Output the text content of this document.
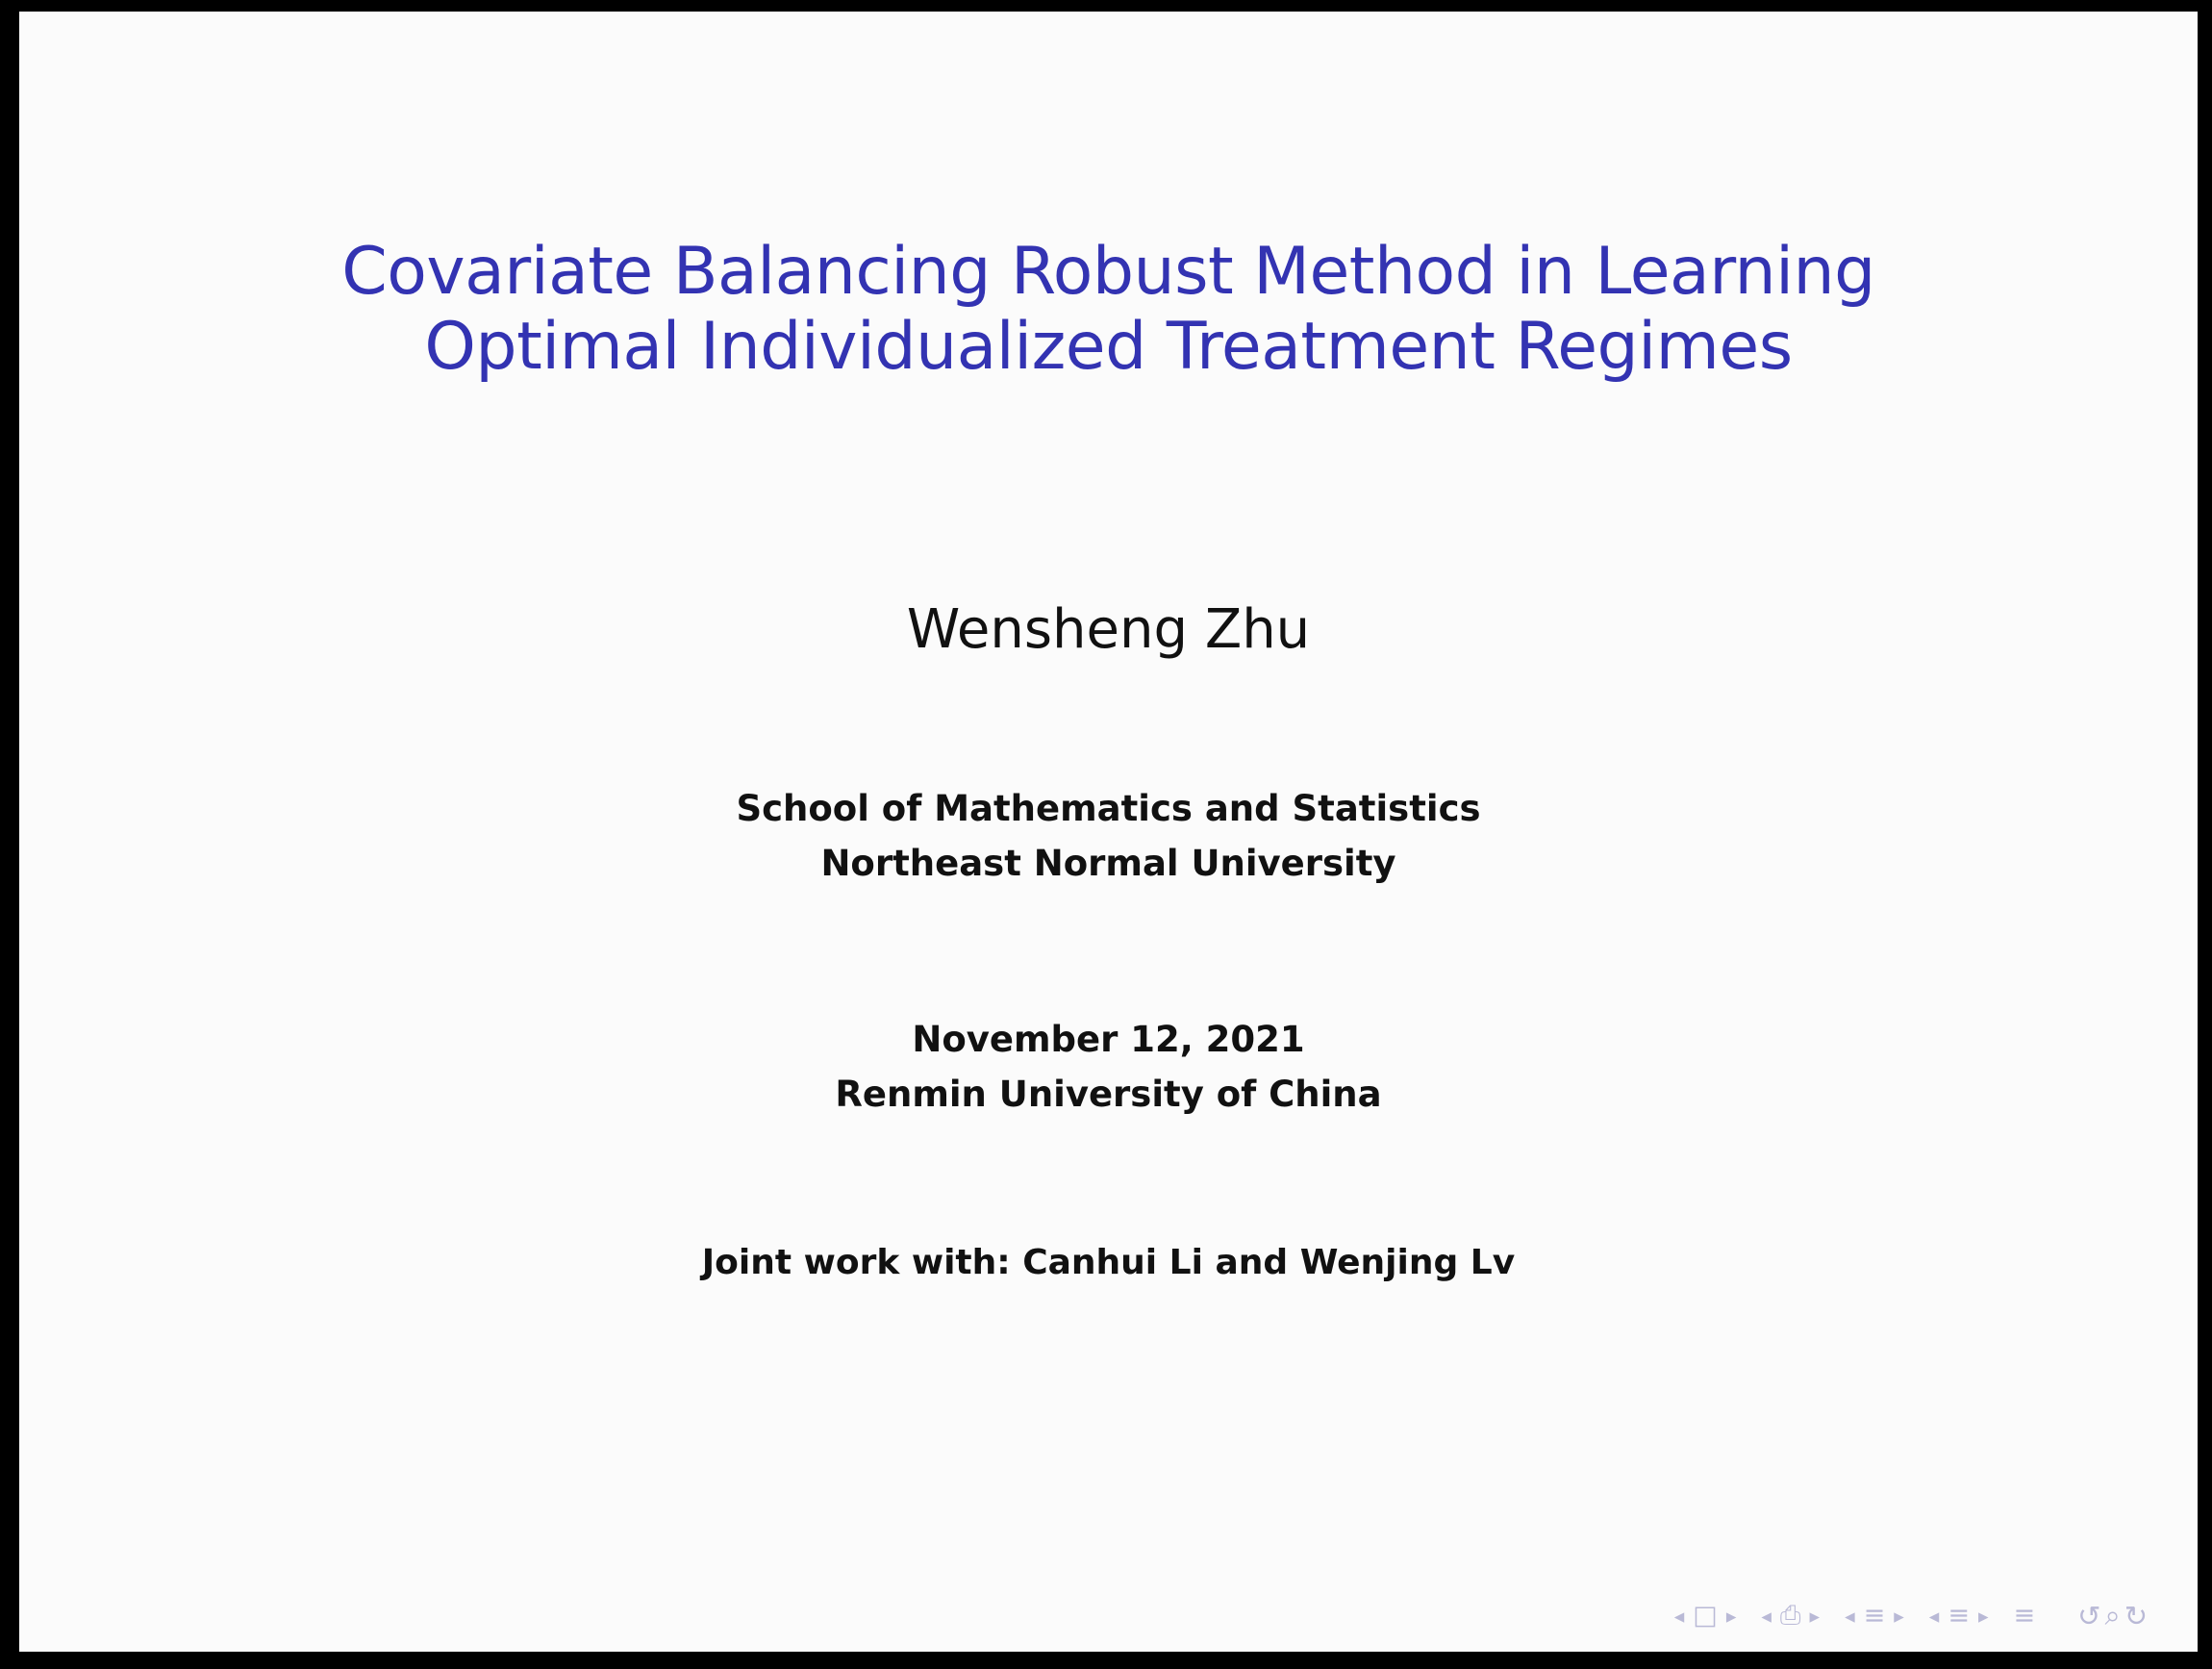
Covariate Balancing Robust Method in Learning
Optimal Individualized Treatment Regimes
Wensheng Zhu
School of Mathematics and Statistics
Northeast Normal University
November 12, 2021
Renmin University of China
Joint work with: Canhui Li and Wenjing Lv
◂ □ ▸ ◂ ⎙ ▸ ◂ ≡ ▸ ◂ ≡ ▸ ≡ ↺ ⌕ ↻
